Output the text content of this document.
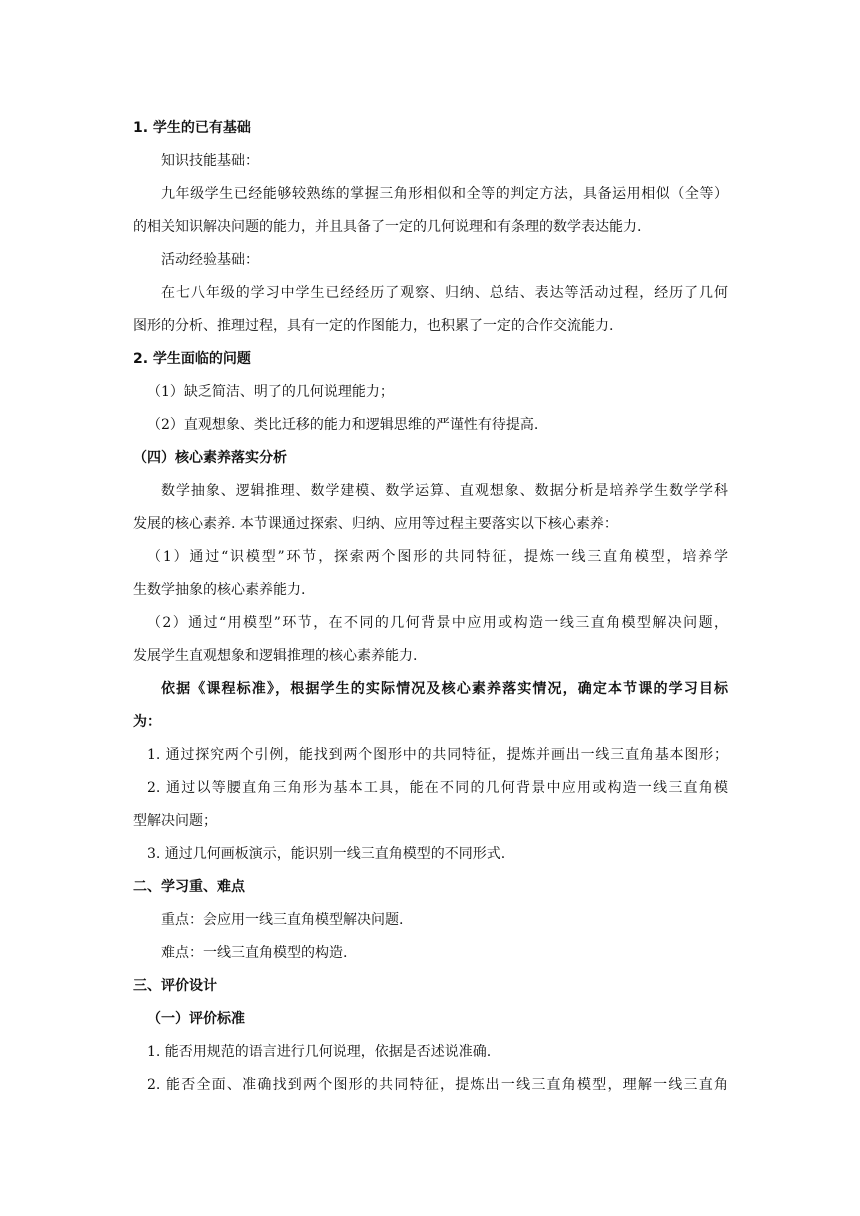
1. 学生的已有基础
知识技能基础：
九年级学生已经能够较熟练的掌握三角形相似和全等的判定方法，具备运用相似（全等）
的相关知识解决问题的能力，并且具备了一定的几何说理和有条理的数学表达能力.
活动经验基础：
在七八年级的学习中学生已经经历了观察、归纳、总结、表达等活动过程，经历了几何
图形的分析、推理过程，具有一定的作图能力，也积累了一定的合作交流能力.
2. 学生面临的问题
（1）缺乏简洁、明了的几何说理能力；
（2）直观想象、类比迁移的能力和逻辑思维的严谨性有待提高.
（四）核心素养落实分析
数学抽象、逻辑推理、数学建模、数学运算、直观想象、数据分析是培养学生数学学科
发展的核心素养. 本节课通过探索、归纳、应用等过程主要落实以下核心素养：
（1）通过“识模型”环节，探索两个图形的共同特征，提炼一线三直角模型，培养学
生数学抽象的核心素养能力.
（2）通过“用模型”环节，在不同的几何背景中应用或构造一线三直角模型解决问题，
发展学生直观想象和逻辑推理的核心素养能力.
依据《课程标准》，根据学生的实际情况及核心素养落实情况，确定本节课的学习目标
为：
1. 通过探究两个引例，能找到两个图形中的共同特征，提炼并画出一线三直角基本图形；
2. 通过以等腰直角三角形为基本工具，能在不同的几何背景中应用或构造一线三直角模
型解决问题；
3. 通过几何画板演示，能识别一线三直角模型的不同形式.
二、学习重、难点
重点：会应用一线三直角模型解决问题.
难点：一线三直角模型的构造.
三、评价设计
（一）评价标准
1. 能否用规范的语言进行几何说理，依据是否述说准确.
2. 能否全面、准确找到两个图形的共同特征，提炼出一线三直角模型，理解一线三直角
